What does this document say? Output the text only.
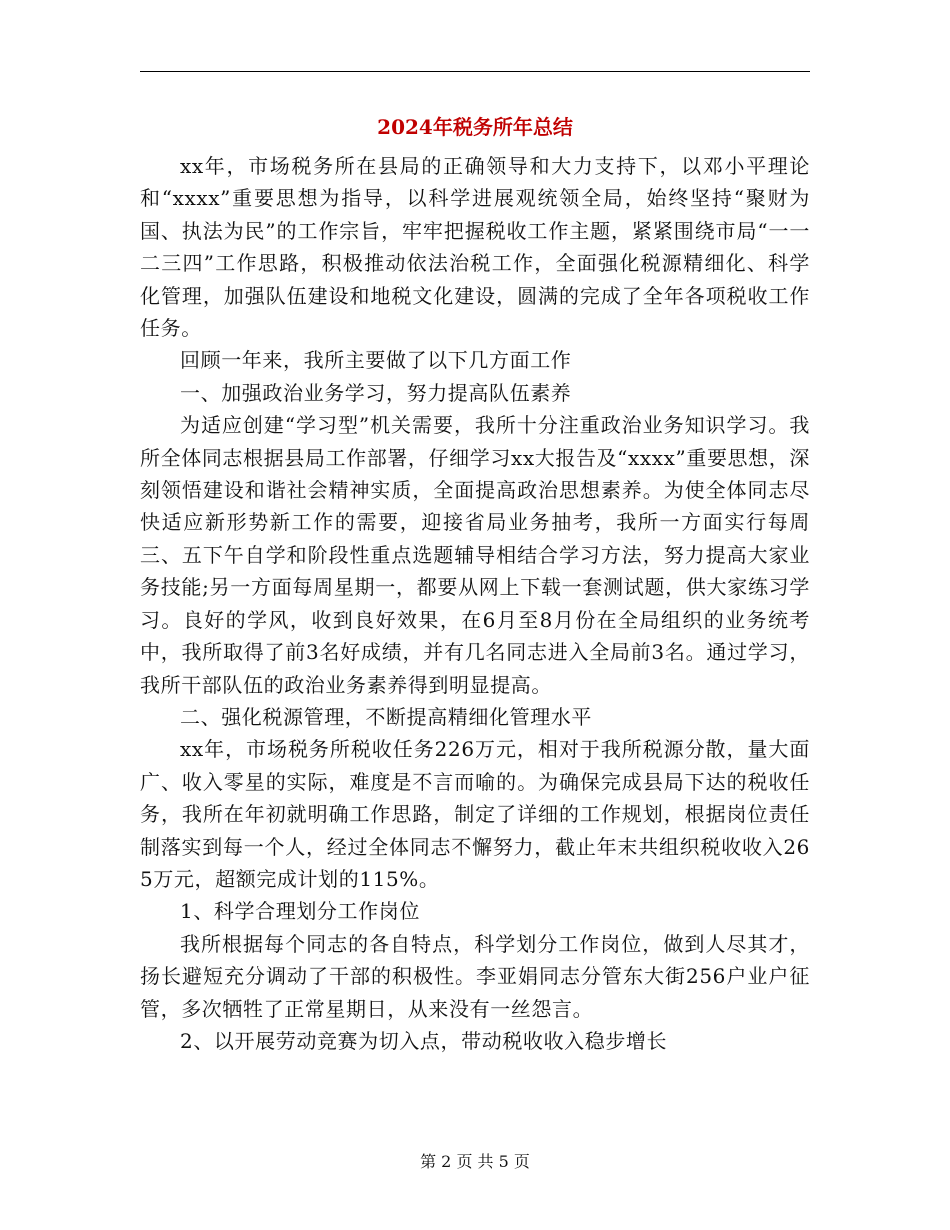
2024年税务所年总结

xx年，市场税务所在县局的正确领导和大力支持下，以邓小平理论和“xxxx”重要思想为指导，以科学进展观统领全局，始终坚持“聚财为国、执法为民”的工作宗旨，牢牢把握税收工作主题，紧紧围绕市局“一一二三四”工作思路，积极推动依法治税工作，全面强化税源精细化、科学化管理，加强队伍建设和地税文化建设，圆满的完成了全年各项税收工作任务。

回顾一年来，我所主要做了以下几方面工作

一、加强政治业务学习，努力提高队伍素养

为适应创建“学习型”机关需要，我所十分注重政治业务知识学习。我所全体同志根据县局工作部署，仔细学习xx大报告及“xxxx”重要思想，深刻领悟建设和谐社会精神实质，全面提高政治思想素养。为使全体同志尽快适应新形势新工作的需要，迎接省局业务抽考，我所一方面实行每周三、五下午自学和阶段性重点选题辅导相结合学习方法，努力提高大家业务技能;另一方面每周星期一，都要从网上下载一套测试题，供大家练习学习。良好的学风，收到良好效果，在6月至8月份在全局组织的业务统考中，我所取得了前3名好成绩，并有几名同志进入全局前3名。通过学习，我所干部队伍的政治业务素养得到明显提高。

二、强化税源管理，不断提高精细化管理水平

xx年，市场税务所税收任务226万元，相对于我所税源分散，量大面广、收入零星的实际，难度是不言而喻的。为确保完成县局下达的税收任务，我所在年初就明确工作思路，制定了详细的工作规划，根据岗位责任制落实到每一个人，经过全体同志不懈努力，截止年末共组织税收收入265万元，超额完成计划的115%。

1、科学合理划分工作岗位

我所根据每个同志的各自特点，科学划分工作岗位，做到人尽其才，扬长避短充分调动了干部的积极性。李亚娟同志分管东大街256户业户征管，多次牺牲了正常星期日，从来没有一丝怨言。

2、以开展劳动竞赛为切入点，带动税收收入稳步增长

第 2 页 共 5 页
